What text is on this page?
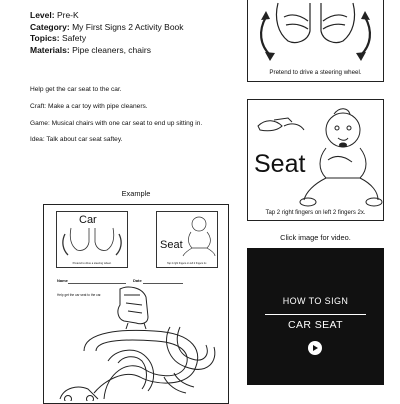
Level: Pre-K
Category: My First Signs 2 Activity Book
Topics: Safety
Materials: Pipe cleaners, chairs
Help get the car seat to the car.
Craft: Make a car toy with pipe cleaners.
Game: Musical chairs with one car seat to end up sitting in.
Idea: Talk about car seat saftey.
Pretend to drive a steering wheel.
Seat
Tap 2 right fingers on left 2 fingers 2x.
Click image for video.
HOW TO SIGN
CAR SEAT
Example
Car
Pretend to drive a steering wheel.
Seat
Tap 2 right fingers on left 2 fingers 2x.
Name	Date
Help get the car seat to the car.
